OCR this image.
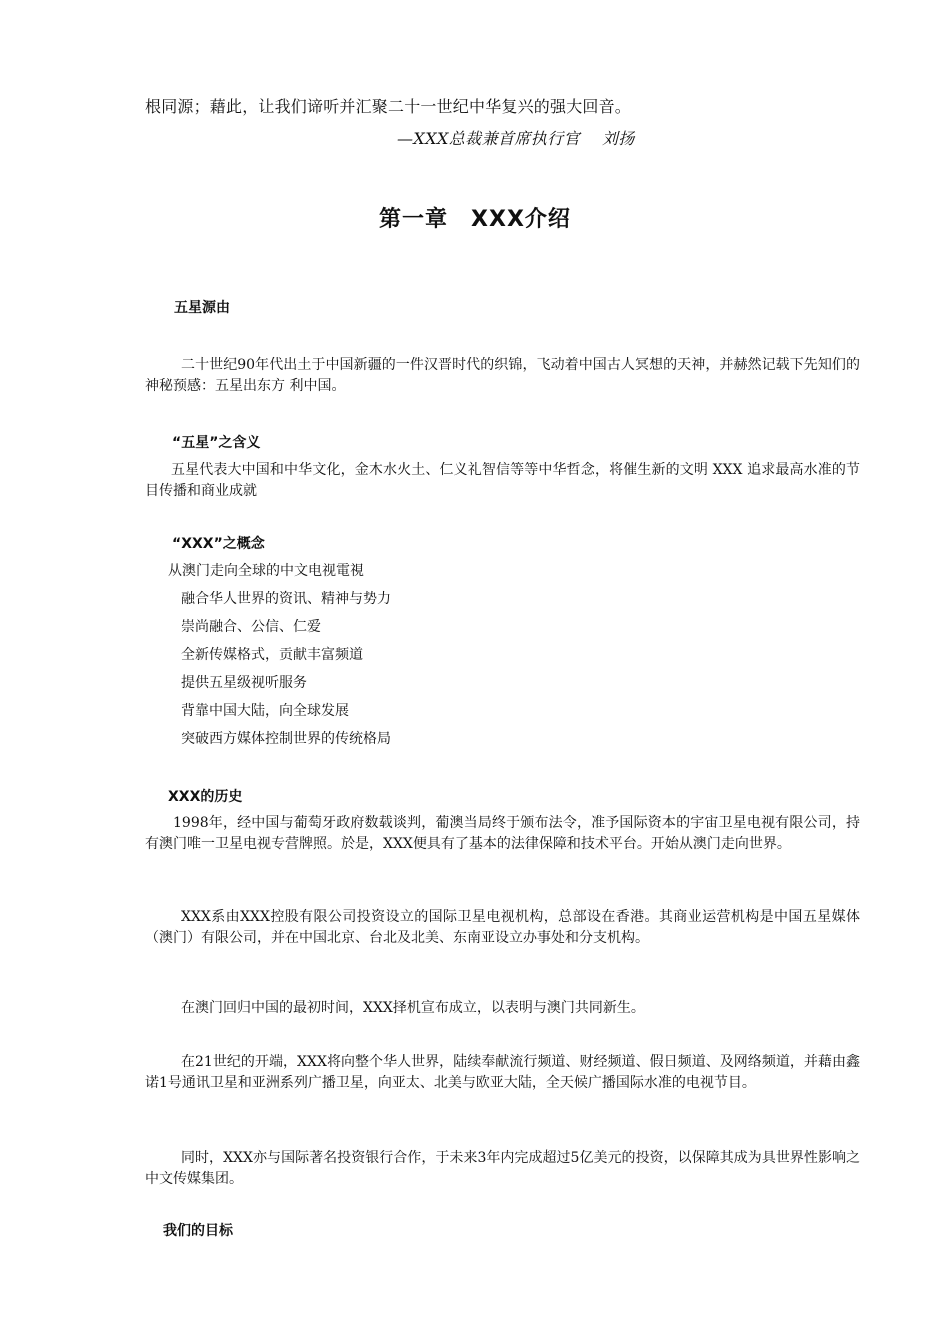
根同源；藉此，让我们谛听并汇聚二十一世纪中华复兴的强大回音。

—XXX总裁兼首席执行官　 刘扬

第一章　XXX介绍

五星源由

二十世纪90年代出土于中国新疆的一件汉晋时代的织锦，飞动着中国古人冥想的天神，并赫然记载下先知们的神秘预感：五星出东方 利中国。

“五星”之含义

五星代表大中国和中华文化，金木水火土、仁义礼智信等等中华哲念，将催生新的文明 XXX 追求最高水准的节目传播和商业成就

“XXX”之概念

从澳门走向全球的中文电视電視

融合华人世界的资讯、精神与势力
崇尚融合、公信、仁爱
全新传媒格式，贡献丰富频道
提供五星级视听服务
背靠中国大陆，向全球发展
突破西方媒体控制世界的传统格局

XXX的历史

1998年，经中国与葡萄牙政府数载谈判，葡澳当局终于颁布法令，准予国际资本的宇宙卫星电视有限公司，持有澳门唯一卫星电视专营牌照。於是，XXX便具有了基本的法律保障和技术平台。开始从澳门走向世界。

XXX系由XXX控股有限公司投资设立的国际卫星电视机构，总部设在香港。其商业运营机构是中国五星媒体（澳门）有限公司，并在中国北京、台北及北美、东南亚设立办事处和分支机构。

在澳门回归中国的最初时间，XXX择机宣布成立，以表明与澳门共同新生。

在21世纪的开端，XXX将向整个华人世界，陆续奉献流行频道、财经频道、假日频道、及网络频道，并藉由鑫诺1号通讯卫星和亚洲系列广播卫星，向亚太、北美与欧亚大陆，全天候广播国际水准的电视节目。

同时，XXX亦与国际著名投资银行合作，于未来3年内完成超过5亿美元的投资，以保障其成为具世界性影响之中文传媒集团。

我们的目标
